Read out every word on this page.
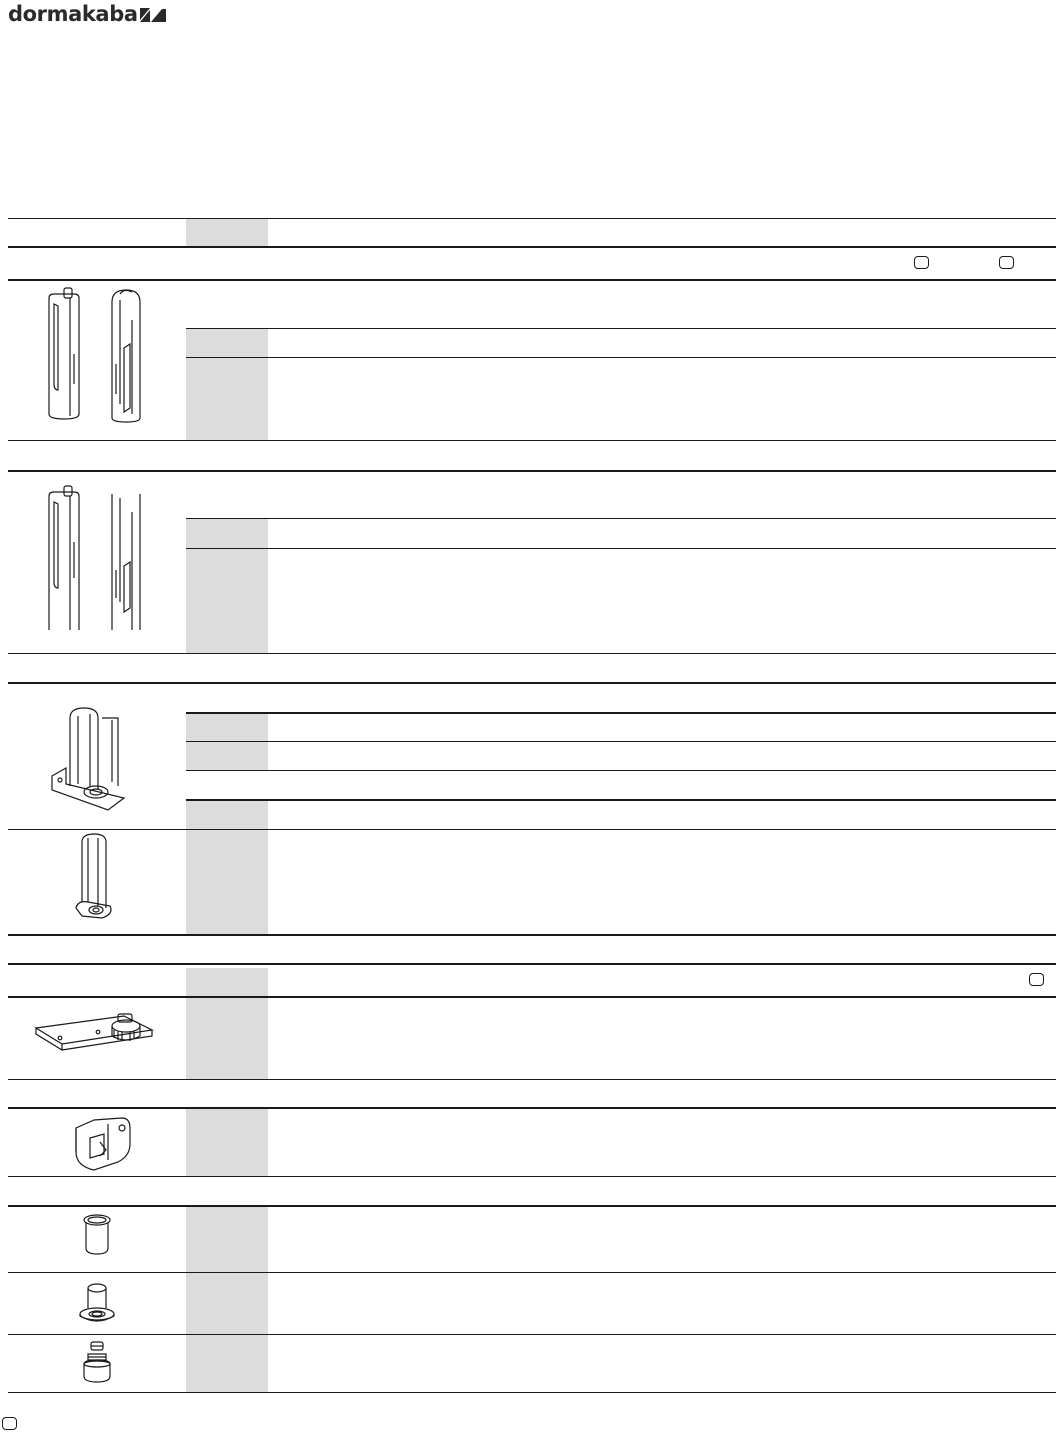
dormakaba
